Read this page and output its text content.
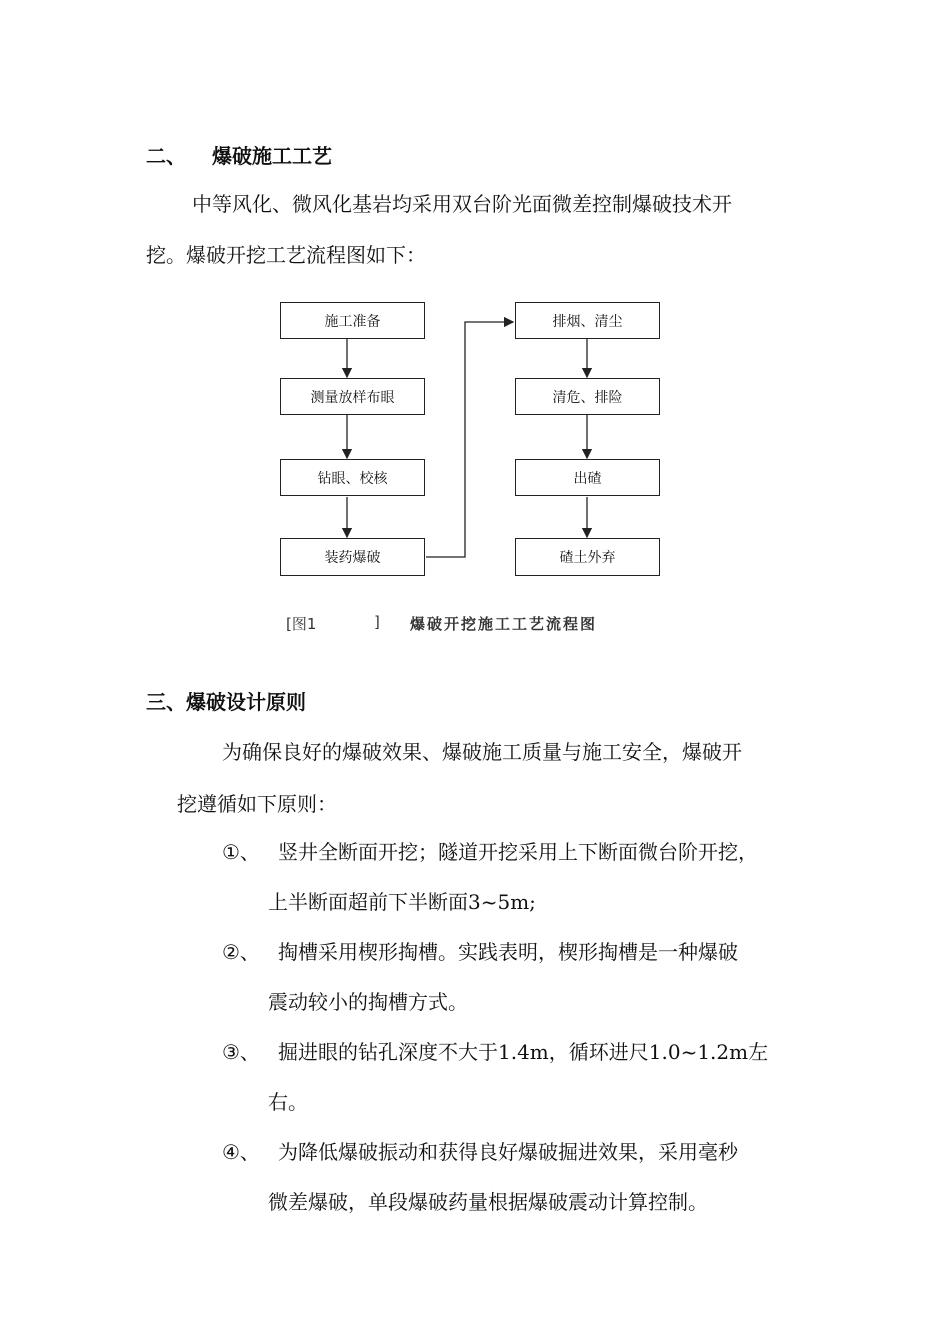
二、 爆破施工工艺
中等风化、微风化基岩均采用双台阶光面微差控制爆破技术开
挖。爆破开挖工艺流程图如下：
施工准备
测量放样布眼
钻眼、校核
装药爆破
排烟、清尘
清危、排险
出碴
碴土外弃
[图1	] 爆破开挖施工工艺流程图
三、爆破设计原则
为确保良好的爆破效果、爆破施工质量与施工安全，爆破开
挖遵循如下原则：
①、 竖井全断面开挖；隧道开挖采用上下断面微台阶开挖，
上半断面超前下半断面3~5m;
②、 掏槽采用楔形掏槽。实践表明，楔形掏槽是一种爆破
震动较小的掏槽方式。
③、 掘进眼的钻孔深度不大于1.4m，循环进尺1.0~1.2m左
右。
④、 为降低爆破振动和获得良好爆破掘进效果，采用毫秒
微差爆破，单段爆破药量根据爆破震动计算控制。
